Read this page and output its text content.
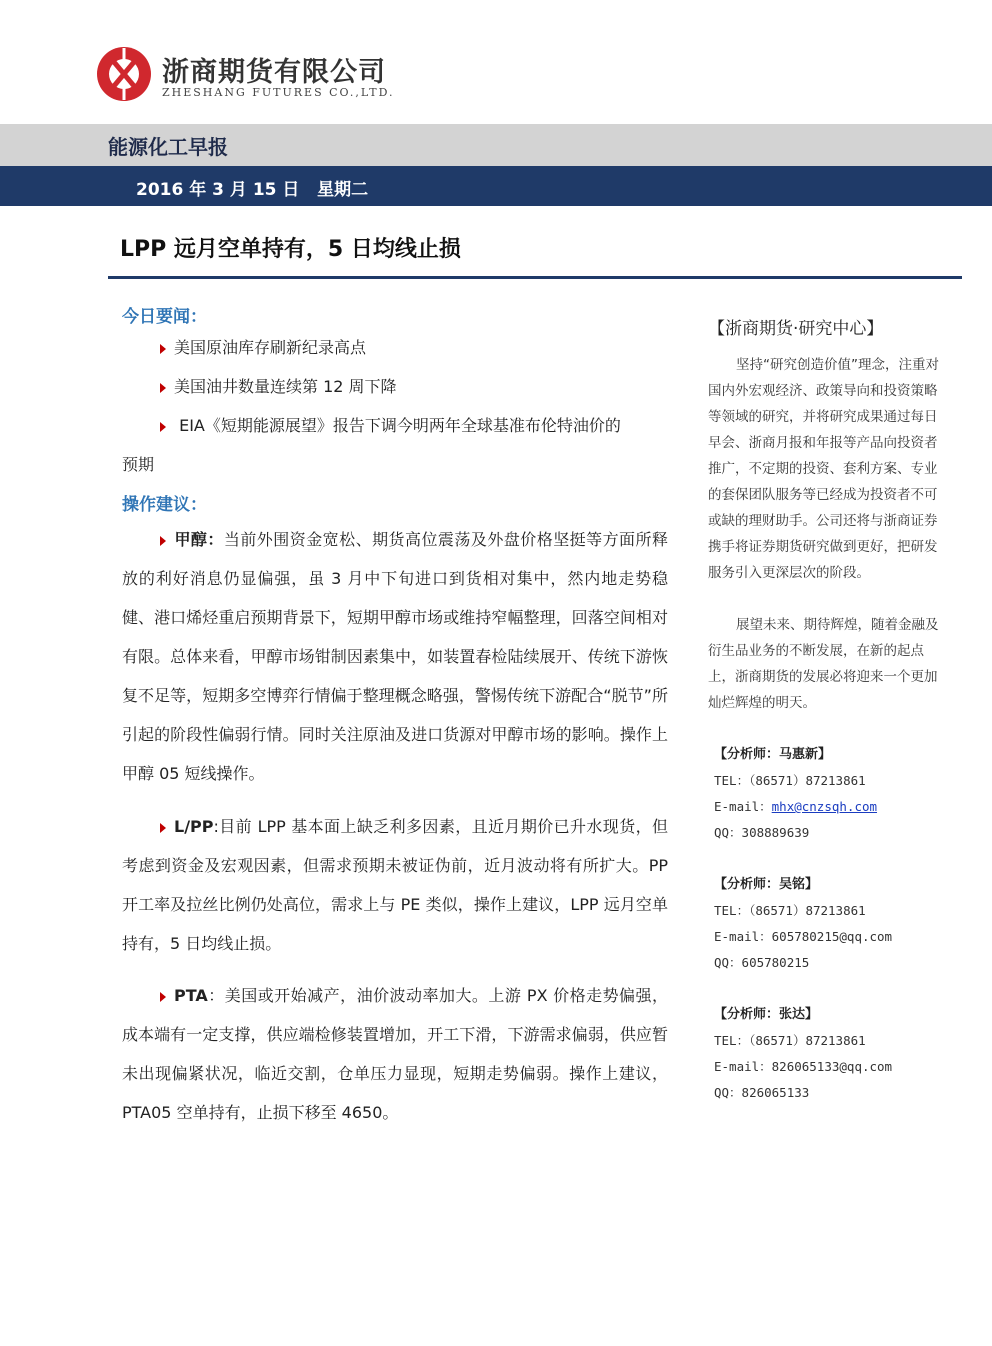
浙商期货有限公司
ZHESHANG FUTURES CO.,LTD.
能源化工早报
2016 年 3 月 15 日   星期二
LPP 远月空单持有，5 日均线止损
今日要闻：
美国原油库存刷新纪录高点
美国油井数量连续第 12 周下降
EIA《短期能源展望》报告下调今明两年全球基准布伦特油价的
预期
操作建议：
甲醇：当前外围资金宽松、期货高位震荡及外盘价格坚挺等方面所释放的利好消息仍显偏强，虽 3 月中下旬进口到货相对集中，然内地走势稳健、港口烯烃重启预期背景下，短期甲醇市场或维持窄幅整理，回落空间相对有限。总体来看，甲醇市场钳制因素集中，如装置春检陆续展开、传统下游恢复不足等，短期多空博弈行情偏于整理概念略强，警惕传统下游配合“脱节”所引起的阶段性偏弱行情。同时关注原油及进口货源对甲醇市场的影响。操作上甲醇 05 短线操作。
L/PP:目前 LPP 基本面上缺乏利多因素，且近月期价已升水现货，但考虑到资金及宏观因素，但需求预期未被证伪前，近月波动将有所扩大。PP 开工率及拉丝比例仍处高位，需求上与 PE 类似，操作上建议，LPP 远月空单持有，5 日均线止损。
PTA：美国或开始减产，油价波动率加大。上游 PX 价格走势偏强，成本端有一定支撑，供应端检修装置增加，开工下滑，下游需求偏弱，供应暂未出现偏紧状况，临近交割，仓单压力显现，短期走势偏弱。操作上建议，PTA05 空单持有，止损下移至 4650。
【浙商期货·研究中心】
坚持“研究创造价值”理念，注重对国内外宏观经济、政策导向和投资策略等领域的研究，并将研究成果通过每日早会、浙商月报和年报等产品向投资者推广，不定期的投资、套利方案、专业的套保团队服务等已经成为投资者不可或缺的理财助手。公司还将与浙商证券携手将证券期货研究做到更好，把研发服务引入更深层次的阶段。
展望未来、期待辉煌，随着金融及衍生品业务的不断发展，在新的起点上，浙商期货的发展必将迎来一个更加灿烂辉煌的明天。
【分析师：马惠新】
TEL：（86571）87213861
E-mail：mhx@cnzsqh.com
QQ：308889639
【分析师：吴铭】
TEL：（86571）87213861
E-mail：605780215@qq.com
QQ：605780215
【分析师：张达】
TEL：（86571）87213861
E-mail：826065133@qq.com
QQ：826065133
